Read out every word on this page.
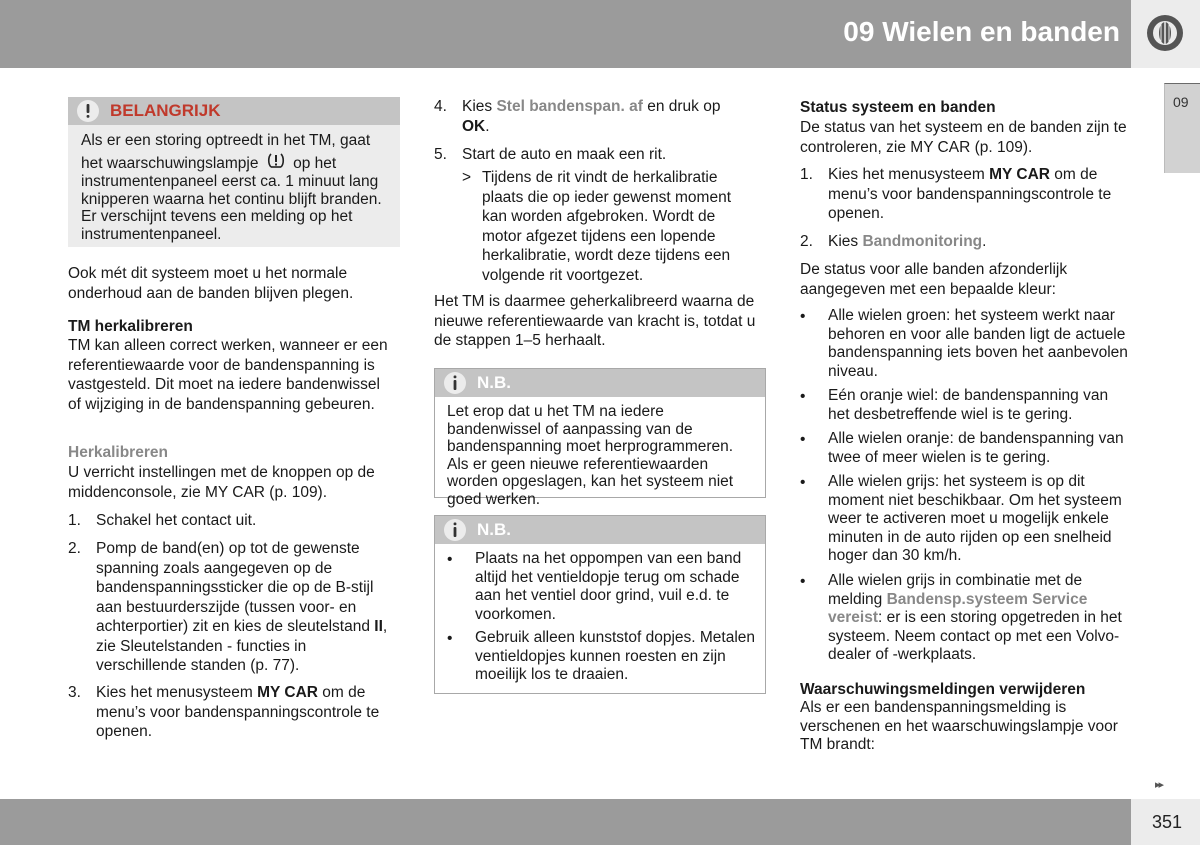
09 Wielen en banden
09
BELANGRIJK

Als er een storing optreedt in het TM, gaat

het waarschuwingslampje op het

instrumentenpaneel eerst ca. 1 minuut lang knipperen waarna het continu blijft branden. Er verschijnt tevens een melding op het instrumentenpaneel.

Ook mét dit systeem moet u het normale onderhoud aan de banden blijven plegen.

TM herkalibreren

TM kan alleen correct werken, wanneer er een referentiewaarde voor de bandenspanning is vastgesteld. Dit moet na iedere bandenwissel of wijziging in de bandenspanning gebeuren.

Herkalibreren

U verricht instellingen met de knoppen op de middenconsole, zie MY CAR (p. 109).

1. Schakel het contact uit.
2. Pomp de band(en) op tot de gewenste spanning zoals aangegeven op de bandenspanningssticker die op de B-stijl aan bestuurderszijde (tussen voor- en achterportier) zit en kies de sleutelstand II, zie Sleutelstanden - functies in verschillende standen (p. 77).
3. Kies het menusysteem MY CAR om de menu’s voor bandenspanningscontrole te openen.
4. Kies Stel bandenspan. af en druk op OK.
5. Start de auto en maak een rit.
> Tijdens de rit vindt de herkalibratie plaats die op ieder gewenst moment kan worden afgebroken. Wordt de motor afgezet tijdens een lopende herkalibratie, wordt deze tijdens een volgende rit voortgezet.

Het TM is daarmee geherkalibreerd waarna de nieuwe referentiewaarde van kracht is, totdat u de stappen 1–5 herhaalt.

N.B.

Let erop dat u het TM na iedere bandenwissel of aanpassing van de bandenspanning moet herprogrammeren. Als er geen nieuwe referentiewaarden worden opgeslagen, kan het systeem niet goed werken.

N.B.
• Plaats na het oppompen van een band altijd het ventieldopje terug om schade aan het ventiel door grind, vuil e.d. te voorkomen.
• Gebruik alleen kunststof dopjes. Metalen ventieldopjes kunnen roesten en zijn moeilijk los te draaien.

Status systeem en banden

De status van het systeem en de banden zijn te controleren, zie MY CAR (p. 109).

1. Kies het menusysteem MY CAR om de menu’s voor bandenspanningscontrole te openen.
2. Kies Bandmonitoring.

De status voor alle banden afzonderlijk aangegeven met een bepaalde kleur:

• Alle wielen groen: het systeem werkt naar behoren en voor alle banden ligt de actuele bandenspanning iets boven het aanbevolen niveau.
• Eén oranje wiel: de bandenspanning van het desbetreffende wiel is te gering.
• Alle wielen oranje: de bandenspanning van twee of meer wielen is te gering.
• Alle wielen grijs: het systeem is op dit moment niet beschikbaar. Om het systeem weer te activeren moet u mogelijk enkele minuten in de auto rijden op een snelheid hoger dan 30 km/h.
• Alle wielen grijs in combinatie met de melding Bandensp.systeem Service vereist: er is een storing opgetreden in het systeem. Neem contact op met een Volvo-dealer of -werkplaats.

Waarschuwingsmeldingen verwijderen

Als er een bandenspanningsmelding is verschenen en het waarschuwingslampje voor TM brandt:

▸▸
351
